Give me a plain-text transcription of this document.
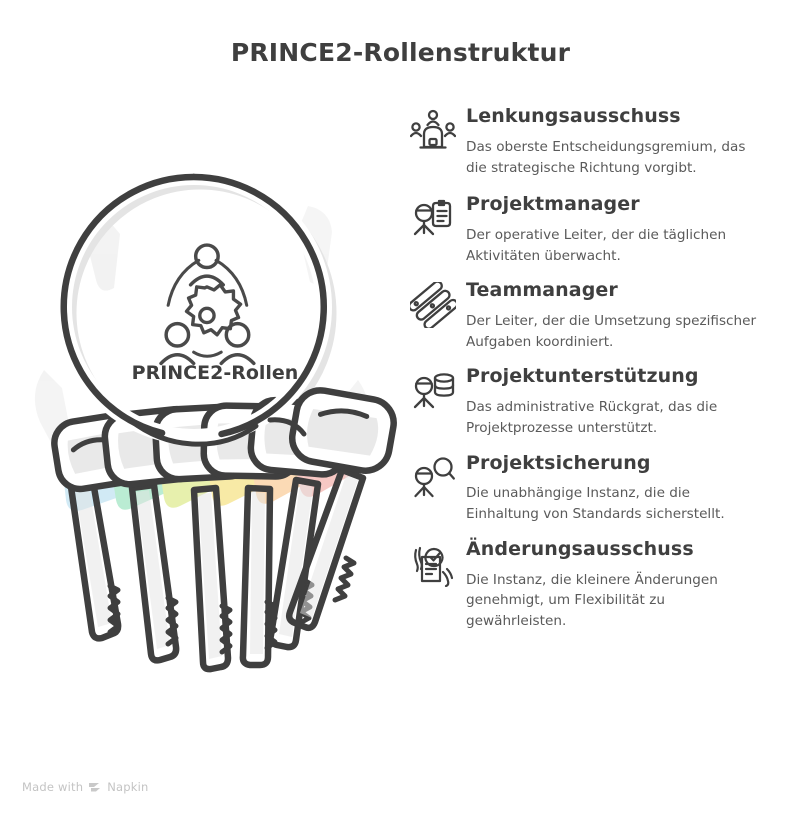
PRINCE2-Rollenstruktur
PRINCE2-Rollen
Lenkungsausschuss
Das oberste Entscheidungsgremium, das die strategische Richtung vorgibt.
Projektmanager
Der operative Leiter, der die täglichen Aktivitäten überwacht.
Teammanager
Der Leiter, der die Umsetzung spezifischer Aufgaben koordiniert.
Projektunterstützung
Das administrative Rückgrat, das die Projektprozesse unterstützt.
Projektsicherung
Die unabhängige Instanz, die die Einhaltung von Standards sicherstellt.
Änderungsausschuss
Die Instanz, die kleinere Änderungen genehmigt, um Flexibilität zu gewährleisten.
Made with Napkin
